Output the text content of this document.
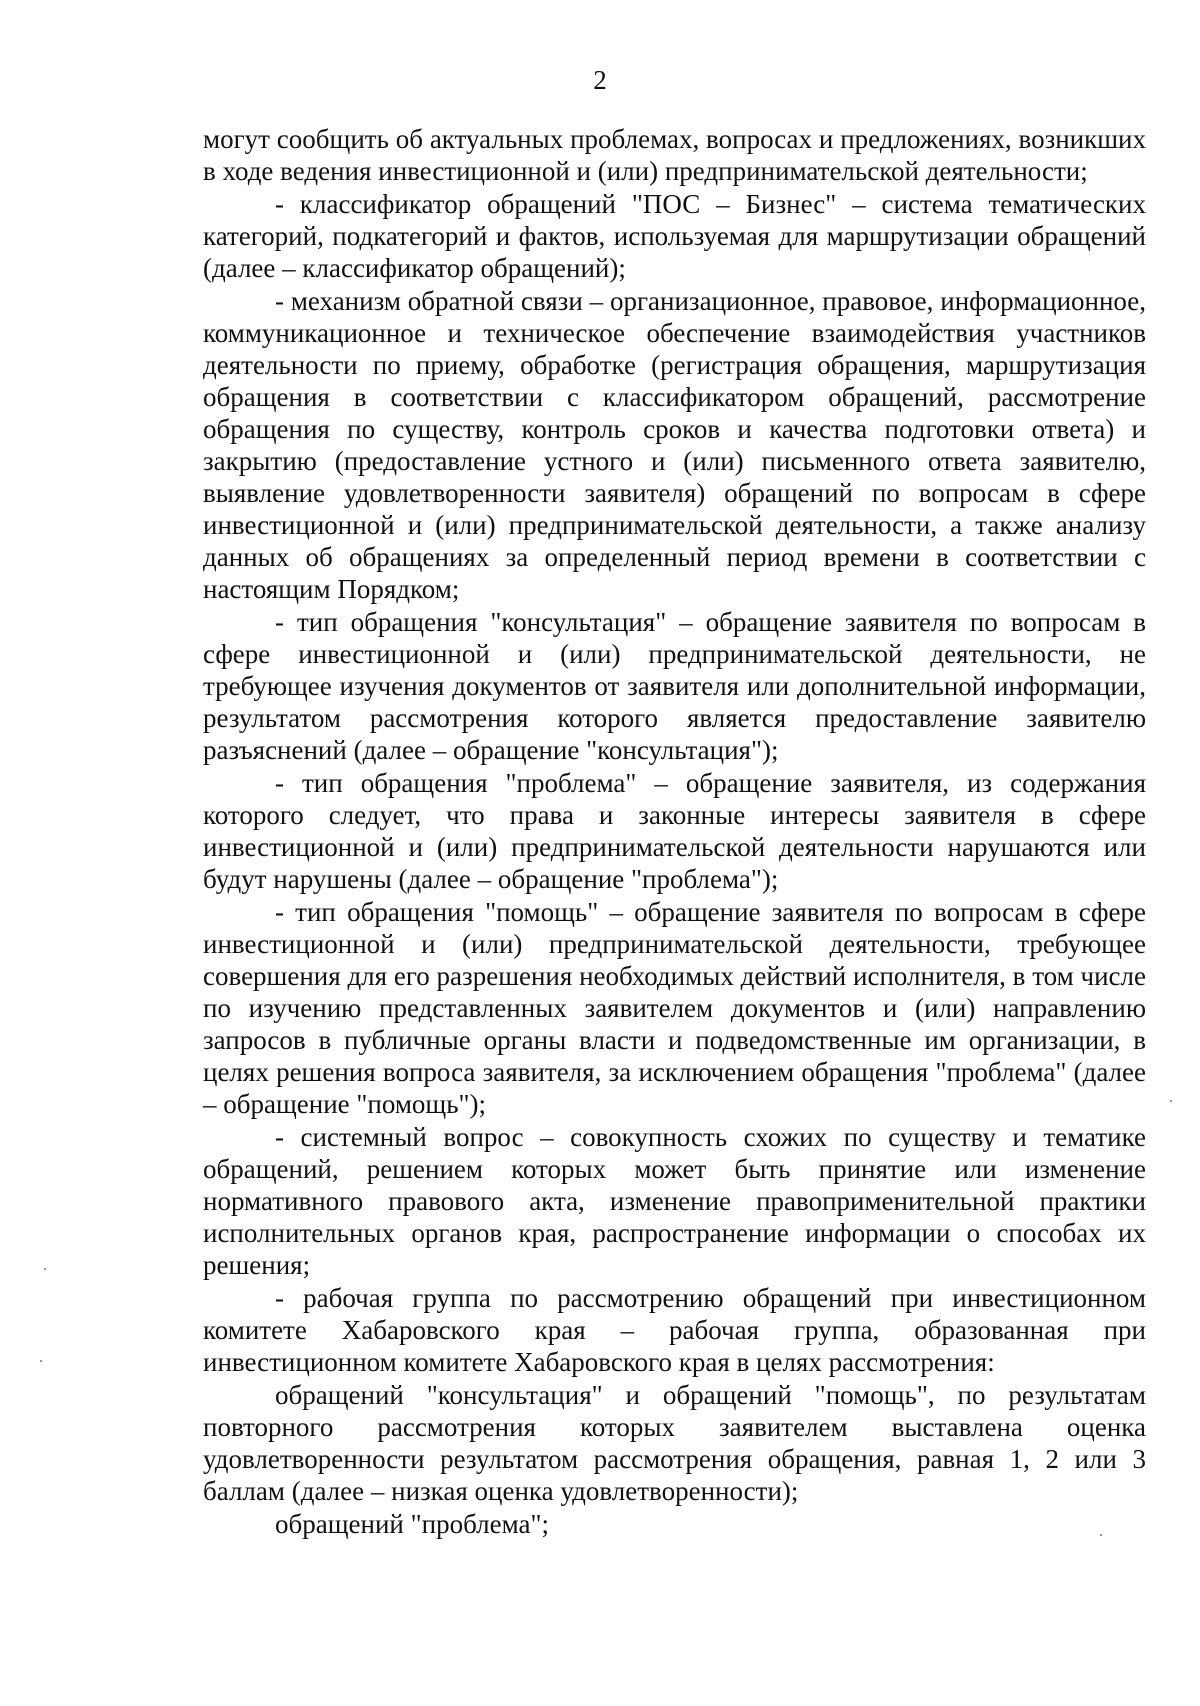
2

могут сообщить об актуальных проблемах, вопросах и предложениях, возникших в ходе ведения инвестиционной и (или) предпринимательской деятельности;

- классификатор обращений "ПОС – Бизнес" – система тематических категорий, подкатегорий и фактов, используемая для маршрутизации обращений (далее – классификатор обращений);

- механизм обратной связи – организационное, правовое, информационное, коммуникационное и техническое обеспечение взаимодействия участников деятельности по приему, обработке (регистрация обращения, маршрутизация обращения в соответствии с классификатором обращений, рассмотрение обращения по существу, контроль сроков и качества подготовки ответа) и закрытию (предоставление устного и (или) письменного ответа заявителю, выявление удовлетворенности заявителя) обращений по вопросам в сфере инвестиционной и (или) предпринимательской деятельности, а также анализу данных об обращениях за определенный период времени в соответствии с настоящим Порядком;

- тип обращения "консультация" – обращение заявителя по вопросам в сфере инвестиционной и (или) предпринимательской деятельности, не требующее изучения документов от заявителя или дополнительной информации, результатом рассмотрения которого является предоставление заявителю разъяснений (далее – обращение "консультация");

- тип обращения "проблема" – обращение заявителя, из содержания которого следует, что права и законные интересы заявителя в сфере инвестиционной и (или) предпринимательской деятельности нарушаются или будут нарушены (далее – обращение "проблема");

- тип обращения "помощь" – обращение заявителя по вопросам в сфере инвестиционной и (или) предпринимательской деятельности, требующее совершения для его разрешения необходимых действий исполнителя, в том числе по изучению представленных заявителем документов и (или) направлению запросов в публичные органы власти и подведомственные им организации, в целях решения вопроса заявителя, за исключением обращения "проблема" (далее – обращение "помощь");

- системный вопрос – совокупность схожих по существу и тематике обращений, решением которых может быть принятие или изменение нормативного правового акта, изменение правоприменительной практики исполнительных органов края, распространение информации о способах их решения;

- рабочая группа по рассмотрению обращений при инвестиционном комитете Хабаровского края – рабочая группа, образованная при инвестиционном комитете Хабаровского края в целях рассмотрения:

обращений "консультация" и обращений "помощь", по результатам повторного рассмотрения которых заявителем выставлена оценка удовлетворенности результатом рассмотрения обращения, равная 1, 2 или 3 баллам (далее – низкая оценка удовлетворенности);

обращений "проблема";
